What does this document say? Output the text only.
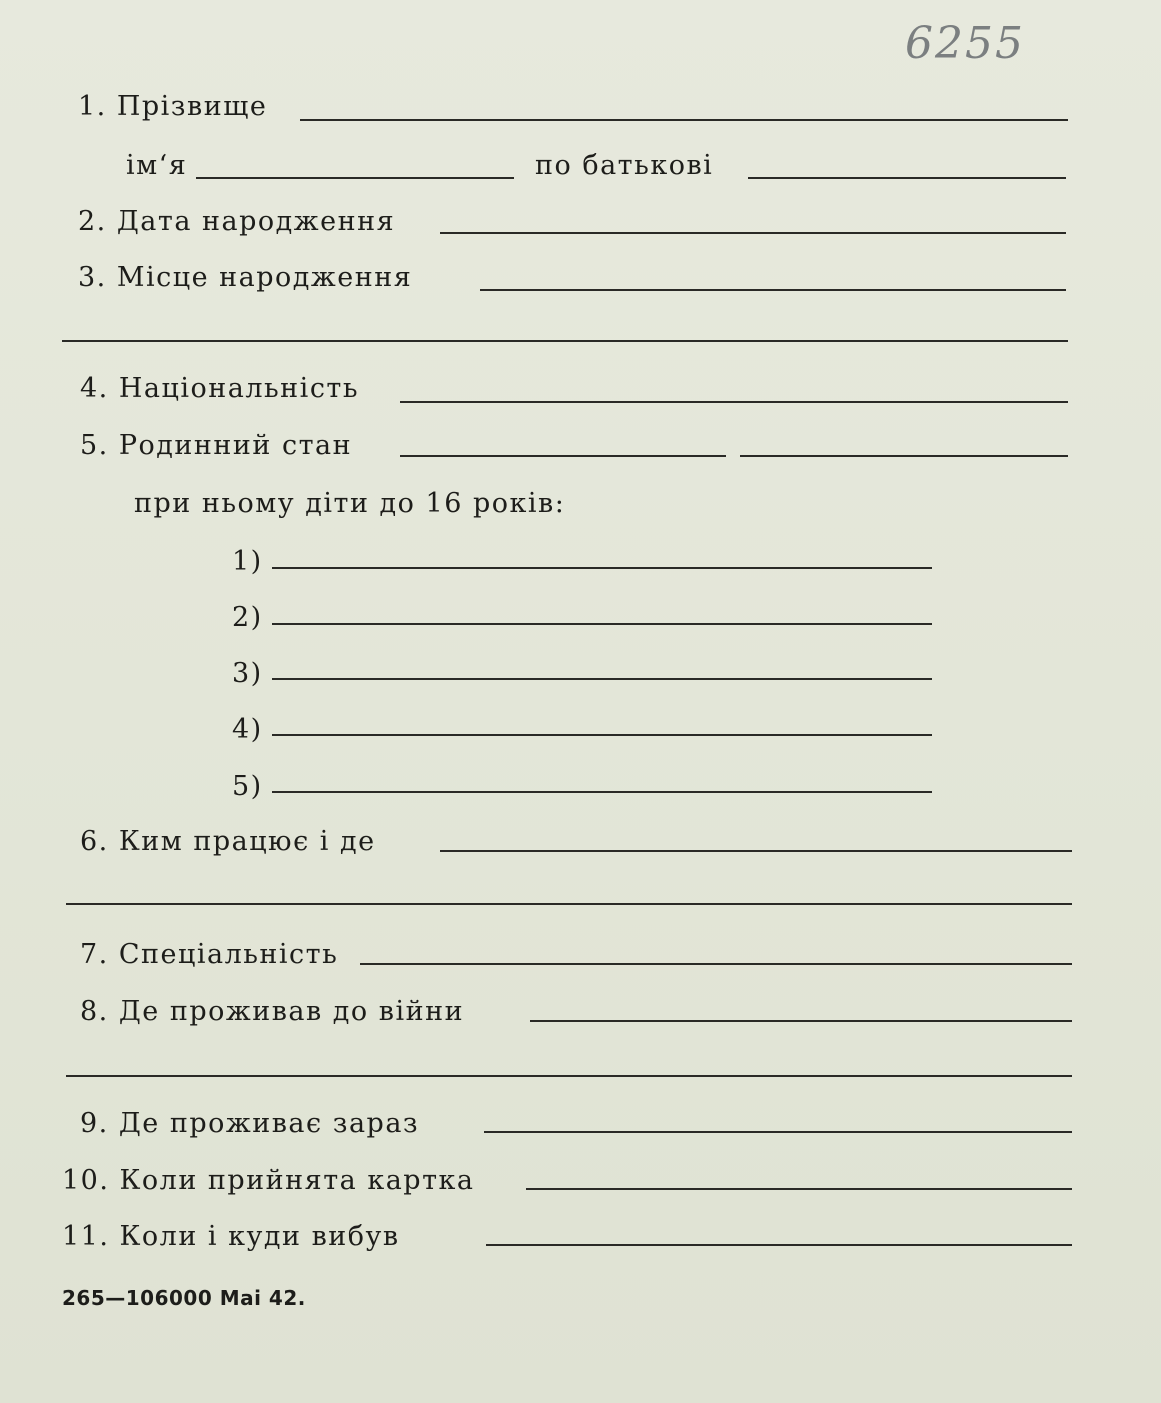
6255
1. Прізвище
ім‘я	по батькові
2. Дата народження
3. Місце народження
4. Національність
5. Родинний стан
при ньому діти до 16 років:
1)
2)
3)
4)
5)
6. Ким працює і де
7. Спеціальність
8. Де проживав до війни
9. Де проживає зараз
10. Коли прийнята картка
11. Коли і куди вибув
265—106000 Маі 42.
